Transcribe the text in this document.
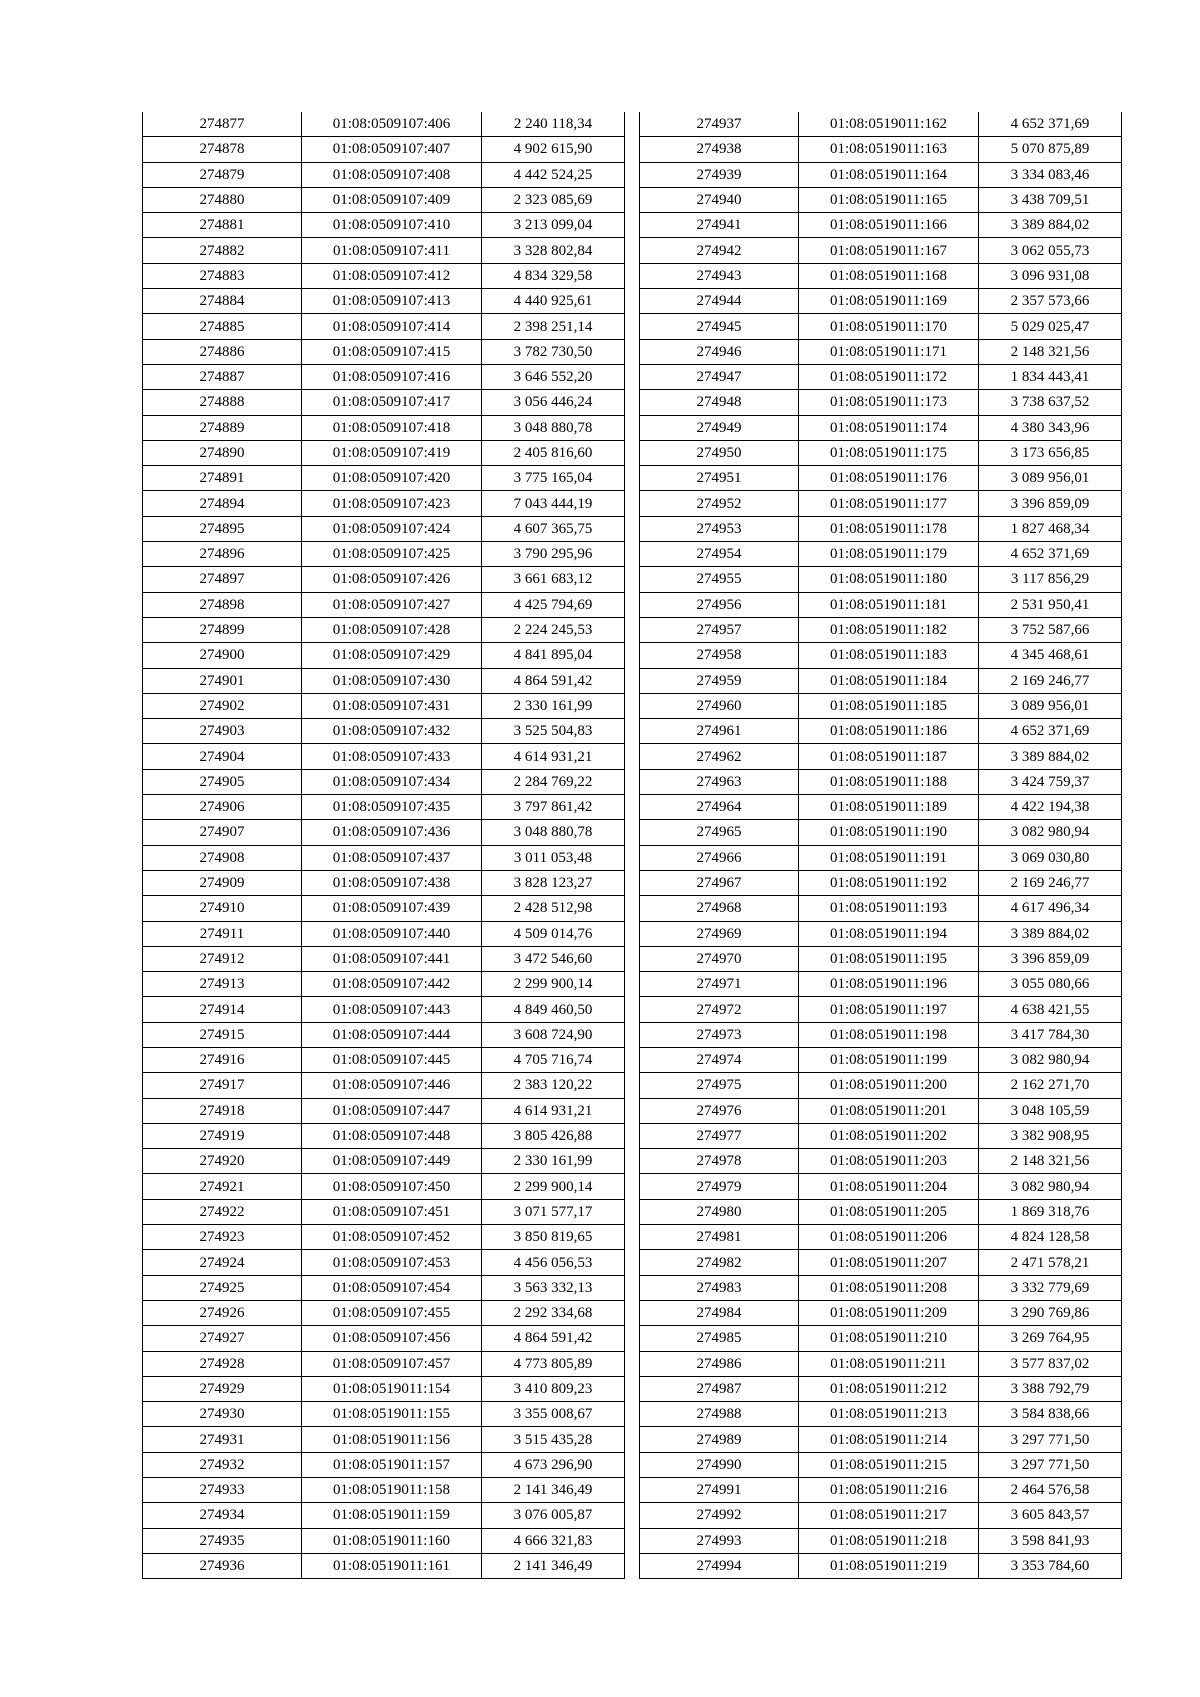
274877	01:08:0509107:406	2 240 118,34
274878	01:08:0509107:407	4 902 615,90
274879	01:08:0509107:408	4 442 524,25
274880	01:08:0509107:409	2 323 085,69
274881	01:08:0509107:410	3 213 099,04
274882	01:08:0509107:411	3 328 802,84
274883	01:08:0509107:412	4 834 329,58
274884	01:08:0509107:413	4 440 925,61
274885	01:08:0509107:414	2 398 251,14
274886	01:08:0509107:415	3 782 730,50
274887	01:08:0509107:416	3 646 552,20
274888	01:08:0509107:417	3 056 446,24
274889	01:08:0509107:418	3 048 880,78
274890	01:08:0509107:419	2 405 816,60
274891	01:08:0509107:420	3 775 165,04
274894	01:08:0509107:423	7 043 444,19
274895	01:08:0509107:424	4 607 365,75
274896	01:08:0509107:425	3 790 295,96
274897	01:08:0509107:426	3 661 683,12
274898	01:08:0509107:427	4 425 794,69
274899	01:08:0509107:428	2 224 245,53
274900	01:08:0509107:429	4 841 895,04
274901	01:08:0509107:430	4 864 591,42
274902	01:08:0509107:431	2 330 161,99
274903	01:08:0509107:432	3 525 504,83
274904	01:08:0509107:433	4 614 931,21
274905	01:08:0509107:434	2 284 769,22
274906	01:08:0509107:435	3 797 861,42
274907	01:08:0509107:436	3 048 880,78
274908	01:08:0509107:437	3 011 053,48
274909	01:08:0509107:438	3 828 123,27
274910	01:08:0509107:439	2 428 512,98
274911	01:08:0509107:440	4 509 014,76
274912	01:08:0509107:441	3 472 546,60
274913	01:08:0509107:442	2 299 900,14
274914	01:08:0509107:443	4 849 460,50
274915	01:08:0509107:444	3 608 724,90
274916	01:08:0509107:445	4 705 716,74
274917	01:08:0509107:446	2 383 120,22
274918	01:08:0509107:447	4 614 931,21
274919	01:08:0509107:448	3 805 426,88
274920	01:08:0509107:449	2 330 161,99
274921	01:08:0509107:450	2 299 900,14
274922	01:08:0509107:451	3 071 577,17
274923	01:08:0509107:452	3 850 819,65
274924	01:08:0509107:453	4 456 056,53
274925	01:08:0509107:454	3 563 332,13
274926	01:08:0509107:455	2 292 334,68
274927	01:08:0509107:456	4 864 591,42
274928	01:08:0509107:457	4 773 805,89
274929	01:08:0519011:154	3 410 809,23
274930	01:08:0519011:155	3 355 008,67
274931	01:08:0519011:156	3 515 435,28
274932	01:08:0519011:157	4 673 296,90
274933	01:08:0519011:158	2 141 346,49
274934	01:08:0519011:159	3 076 005,87
274935	01:08:0519011:160	4 666 321,83
274936	01:08:0519011:161	2 141 346,49
274937	01:08:0519011:162	4 652 371,69
274938	01:08:0519011:163	5 070 875,89
274939	01:08:0519011:164	3 334 083,46
274940	01:08:0519011:165	3 438 709,51
274941	01:08:0519011:166	3 389 884,02
274942	01:08:0519011:167	3 062 055,73
274943	01:08:0519011:168	3 096 931,08
274944	01:08:0519011:169	2 357 573,66
274945	01:08:0519011:170	5 029 025,47
274946	01:08:0519011:171	2 148 321,56
274947	01:08:0519011:172	1 834 443,41
274948	01:08:0519011:173	3 738 637,52
274949	01:08:0519011:174	4 380 343,96
274950	01:08:0519011:175	3 173 656,85
274951	01:08:0519011:176	3 089 956,01
274952	01:08:0519011:177	3 396 859,09
274953	01:08:0519011:178	1 827 468,34
274954	01:08:0519011:179	4 652 371,69
274955	01:08:0519011:180	3 117 856,29
274956	01:08:0519011:181	2 531 950,41
274957	01:08:0519011:182	3 752 587,66
274958	01:08:0519011:183	4 345 468,61
274959	01:08:0519011:184	2 169 246,77
274960	01:08:0519011:185	3 089 956,01
274961	01:08:0519011:186	4 652 371,69
274962	01:08:0519011:187	3 389 884,02
274963	01:08:0519011:188	3 424 759,37
274964	01:08:0519011:189	4 422 194,38
274965	01:08:0519011:190	3 082 980,94
274966	01:08:0519011:191	3 069 030,80
274967	01:08:0519011:192	2 169 246,77
274968	01:08:0519011:193	4 617 496,34
274969	01:08:0519011:194	3 389 884,02
274970	01:08:0519011:195	3 396 859,09
274971	01:08:0519011:196	3 055 080,66
274972	01:08:0519011:197	4 638 421,55
274973	01:08:0519011:198	3 417 784,30
274974	01:08:0519011:199	3 082 980,94
274975	01:08:0519011:200	2 162 271,70
274976	01:08:0519011:201	3 048 105,59
274977	01:08:0519011:202	3 382 908,95
274978	01:08:0519011:203	2 148 321,56
274979	01:08:0519011:204	3 082 980,94
274980	01:08:0519011:205	1 869 318,76
274981	01:08:0519011:206	4 824 128,58
274982	01:08:0519011:207	2 471 578,21
274983	01:08:0519011:208	3 332 779,69
274984	01:08:0519011:209	3 290 769,86
274985	01:08:0519011:210	3 269 764,95
274986	01:08:0519011:211	3 577 837,02
274987	01:08:0519011:212	3 388 792,79
274988	01:08:0519011:213	3 584 838,66
274989	01:08:0519011:214	3 297 771,50
274990	01:08:0519011:215	3 297 771,50
274991	01:08:0519011:216	2 464 576,58
274992	01:08:0519011:217	3 605 843,57
274993	01:08:0519011:218	3 598 841,93
274994	01:08:0519011:219	3 353 784,60
